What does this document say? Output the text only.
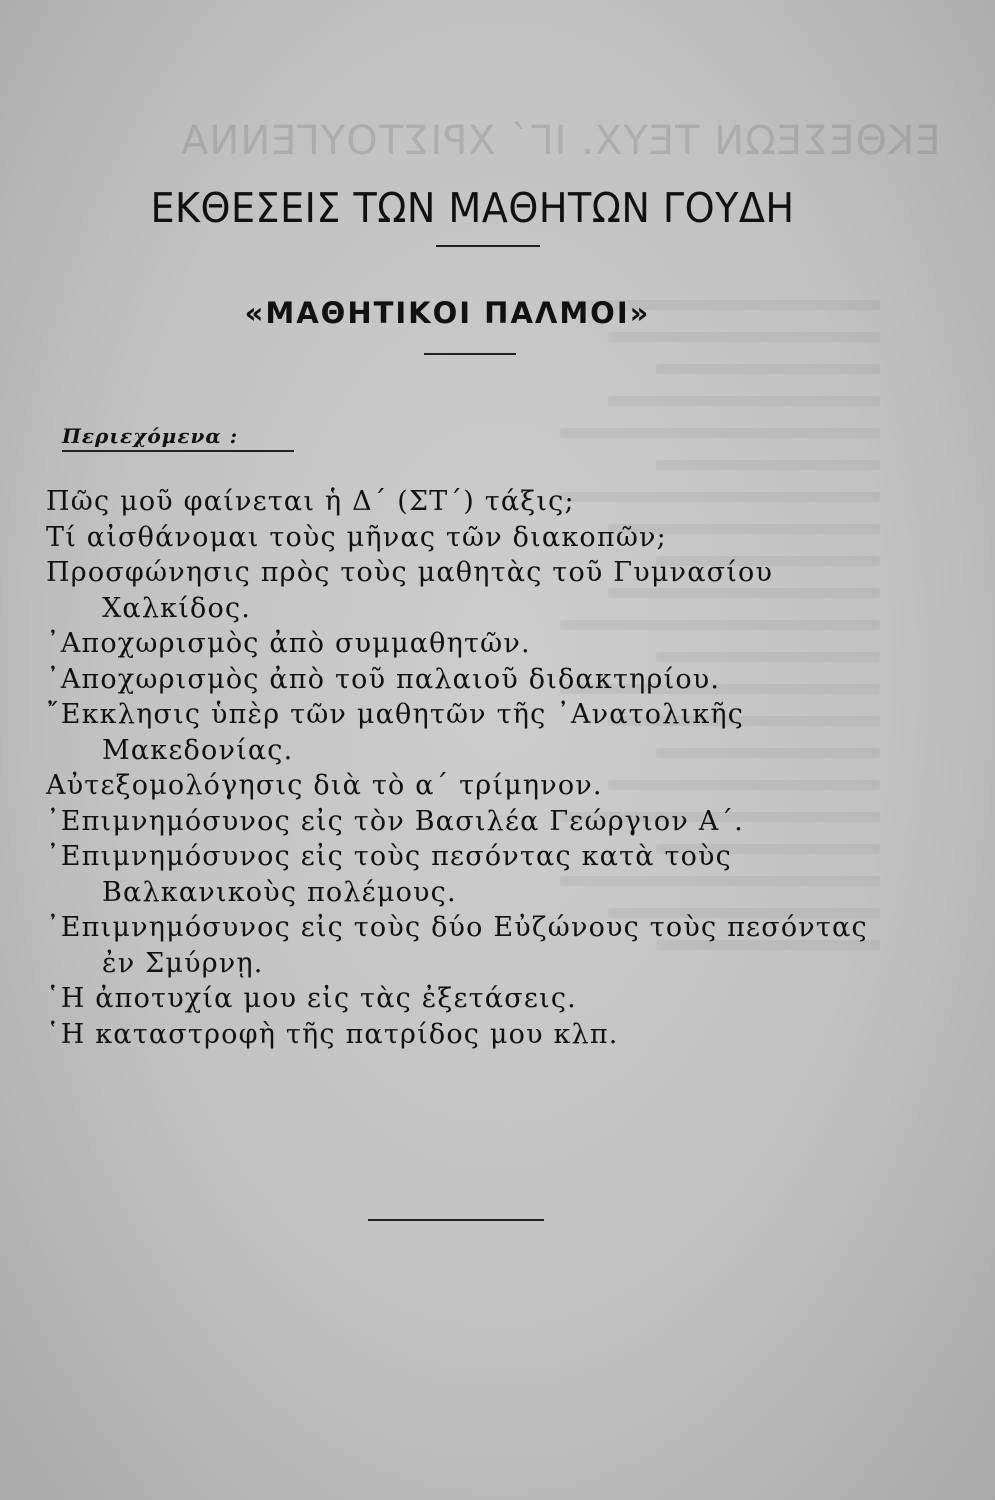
ΕΚΘΕΣΕΩΝ ΤΕΥΧ. ΙΓ΄ ΧΡΙΣΤΟΥΓΕΝΝΑ
ΕΚΘΕΣΕΙΣ ΤΩΝ ΜΑΘΗΤΩΝ ΓΟΥΔΗ
«ΜΑΘΗΤΙΚΟΙ ΠΑΛΜΟΙ»

Περιεχόμενα :

Πῶς μοῦ φαίνεται ἡ Δ΄ (ΣΤ΄) τάξις;
Τί αἰσθάνομαι τοὺς μῆνας τῶν διακοπῶν;
Προσφώνησις πρὸς τοὺς μαθητὰς τοῦ Γυμνασίου Χαλκίδος.
᾿Αποχωρισμὸς ἀπὸ συμμαθητῶν.
᾿Αποχωρισμὸς ἀπὸ τοῦ παλαιοῦ διδακτηρίου.
῎Εκκλησις ὑπὲρ τῶν μαθητῶν τῆς ᾿Ανατολικῆς Μακεδονίας.
Αὐτεξομολόγησις διὰ τὸ α΄ τρίμηνον.
᾿Επιμνημόσυνος εἰς τὸν Βασιλέα Γεώργιον Α΄.
᾿Επιμνημόσυνος εἰς τοὺς πεσόντας κατὰ τοὺς Βαλκανικοὺς πολέμους.
᾿Επιμνημόσυνος εἰς τοὺς δύο Εὐζώνους τοὺς πεσόντας ἐν Σμύρνῃ.
῾Η ἀποτυχία μου εἰς τὰς ἐξετάσεις.
῾Η καταστροφὴ τῆς πατρίδος μου κλπ.
